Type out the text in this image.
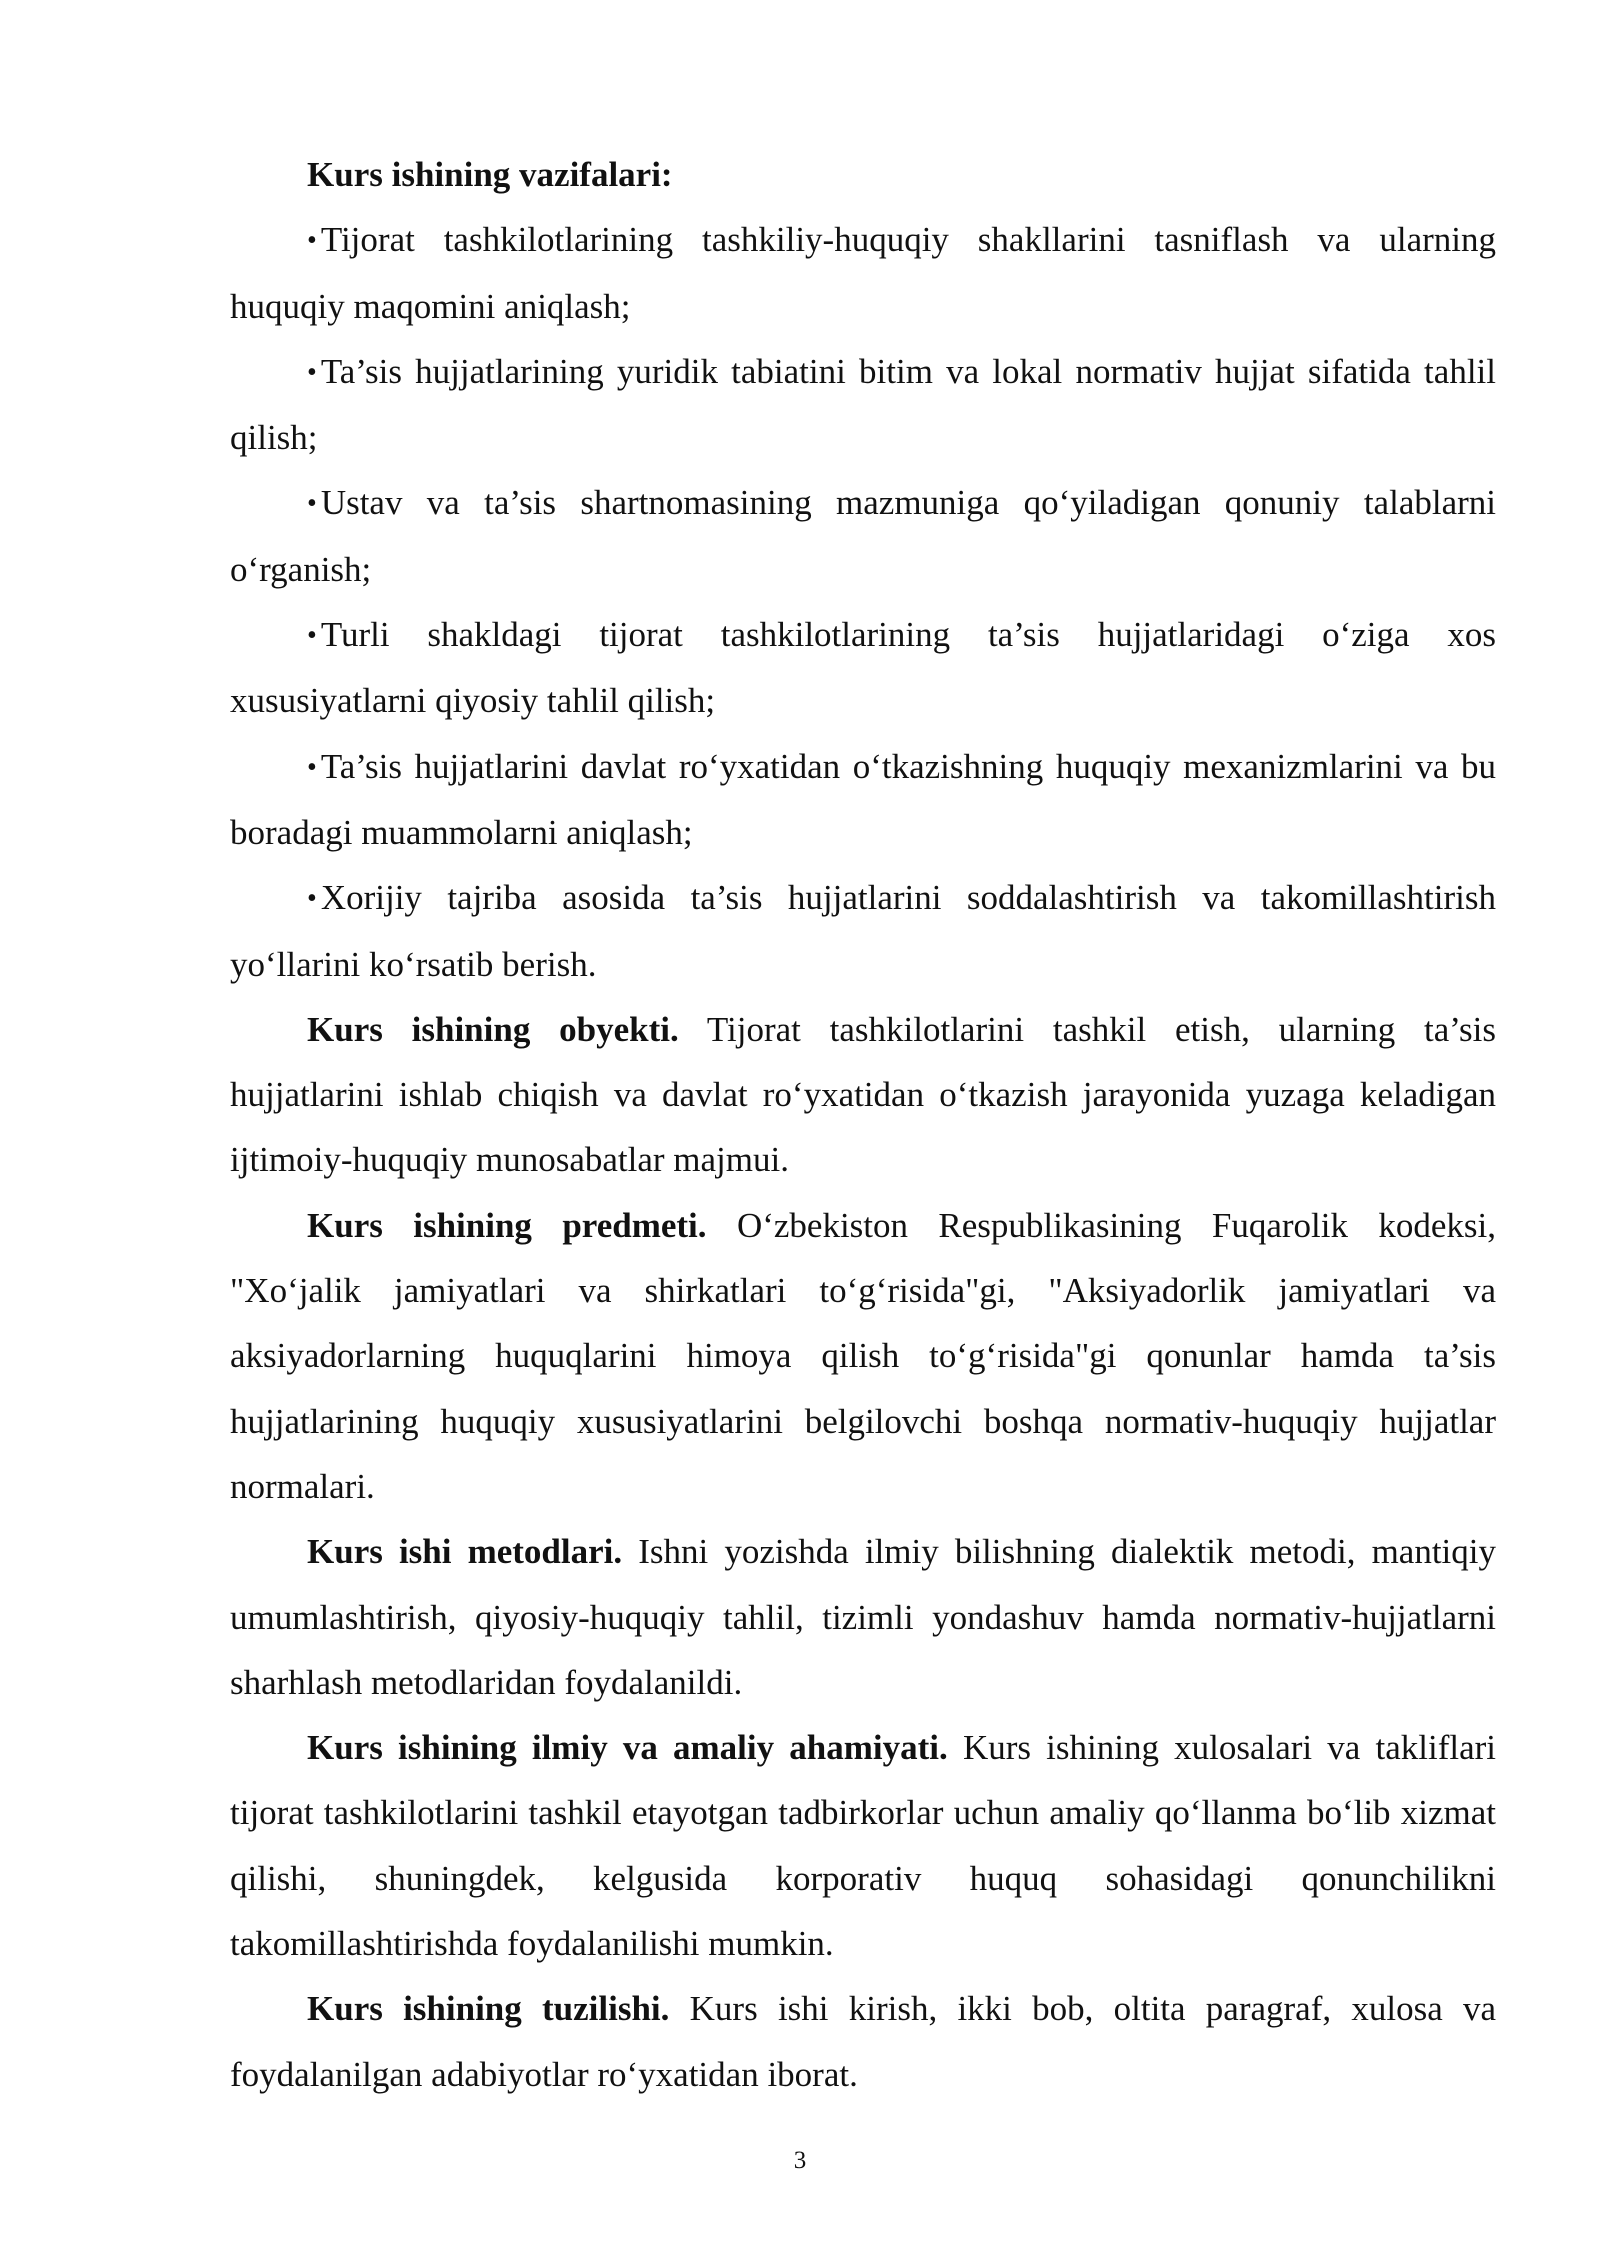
Kurs ishining vazifalari:

• Tijorat tashkilotlarining tashkiliy-huquqiy shakllarini tasniflash va ularning huquqiy maqomini aniqlash;

• Ta’sis hujjatlarining yuridik tabiatini bitim va lokal normativ hujjat sifatida tahlil qilish;

• Ustav va ta’sis shartnomasining mazmuniga qo‘yiladigan qonuniy talablarni o‘rganish;

• Turli shakldagi tijorat tashkilotlarining ta’sis hujjatlaridagi o‘ziga xos xususiyatlarni qiyosiy tahlil qilish;

• Ta’sis hujjatlarini davlat ro‘yxatidan o‘tkazishning huquqiy mexanizmlarini va bu boradagi muammolarni aniqlash;

• Xorijiy tajriba asosida ta’sis hujjatlarini soddalashtirish va takomillashtirish yo‘llarini ko‘rsatib berish.

Kurs ishining obyekti. Tijorat tashkilotlarini tashkil etish, ularning ta’sis hujjatlarini ishlab chiqish va davlat ro‘yxatidan o‘tkazish jarayonida yuzaga keladigan ijtimoiy-huquqiy munosabatlar majmui.

Kurs ishining predmeti. O‘zbekiston Respublikasining Fuqarolik kodeksi, "Xo‘jalik jamiyatlari va shirkatlari to‘g‘risida"gi, "Aksiyadorlik jamiyatlari va aksiyadorlarning huquqlarini himoya qilish to‘g‘risida"gi qonunlar hamda ta’sis hujjatlarining huquqiy xususiyatlarini belgilovchi boshqa normativ-huquqiy hujjatlar normalari.

Kurs ishi metodlari. Ishni yozishda ilmiy bilishning dialektik metodi, mantiqiy umumlashtirish, qiyosiy-huquqiy tahlil, tizimli yondashuv hamda normativ-hujjatlarni sharhlash metodlaridan foydalanildi.

Kurs ishining ilmiy va amaliy ahamiyati. Kurs ishining xulosalari va takliflari tijorat tashkilotlarini tashkil etayotgan tadbirkorlar uchun amaliy qo‘llanma bo‘lib xizmat qilishi, shuningdek, kelgusida korporativ huquq sohasidagi qonunchilikni takomillashtirishda foydalanilishi mumkin.

Kurs ishining tuzilishi. Kurs ishi kirish, ikki bob, oltita paragraf, xulosa va foydalanilgan adabiyotlar ro‘yxatidan iborat.

3
